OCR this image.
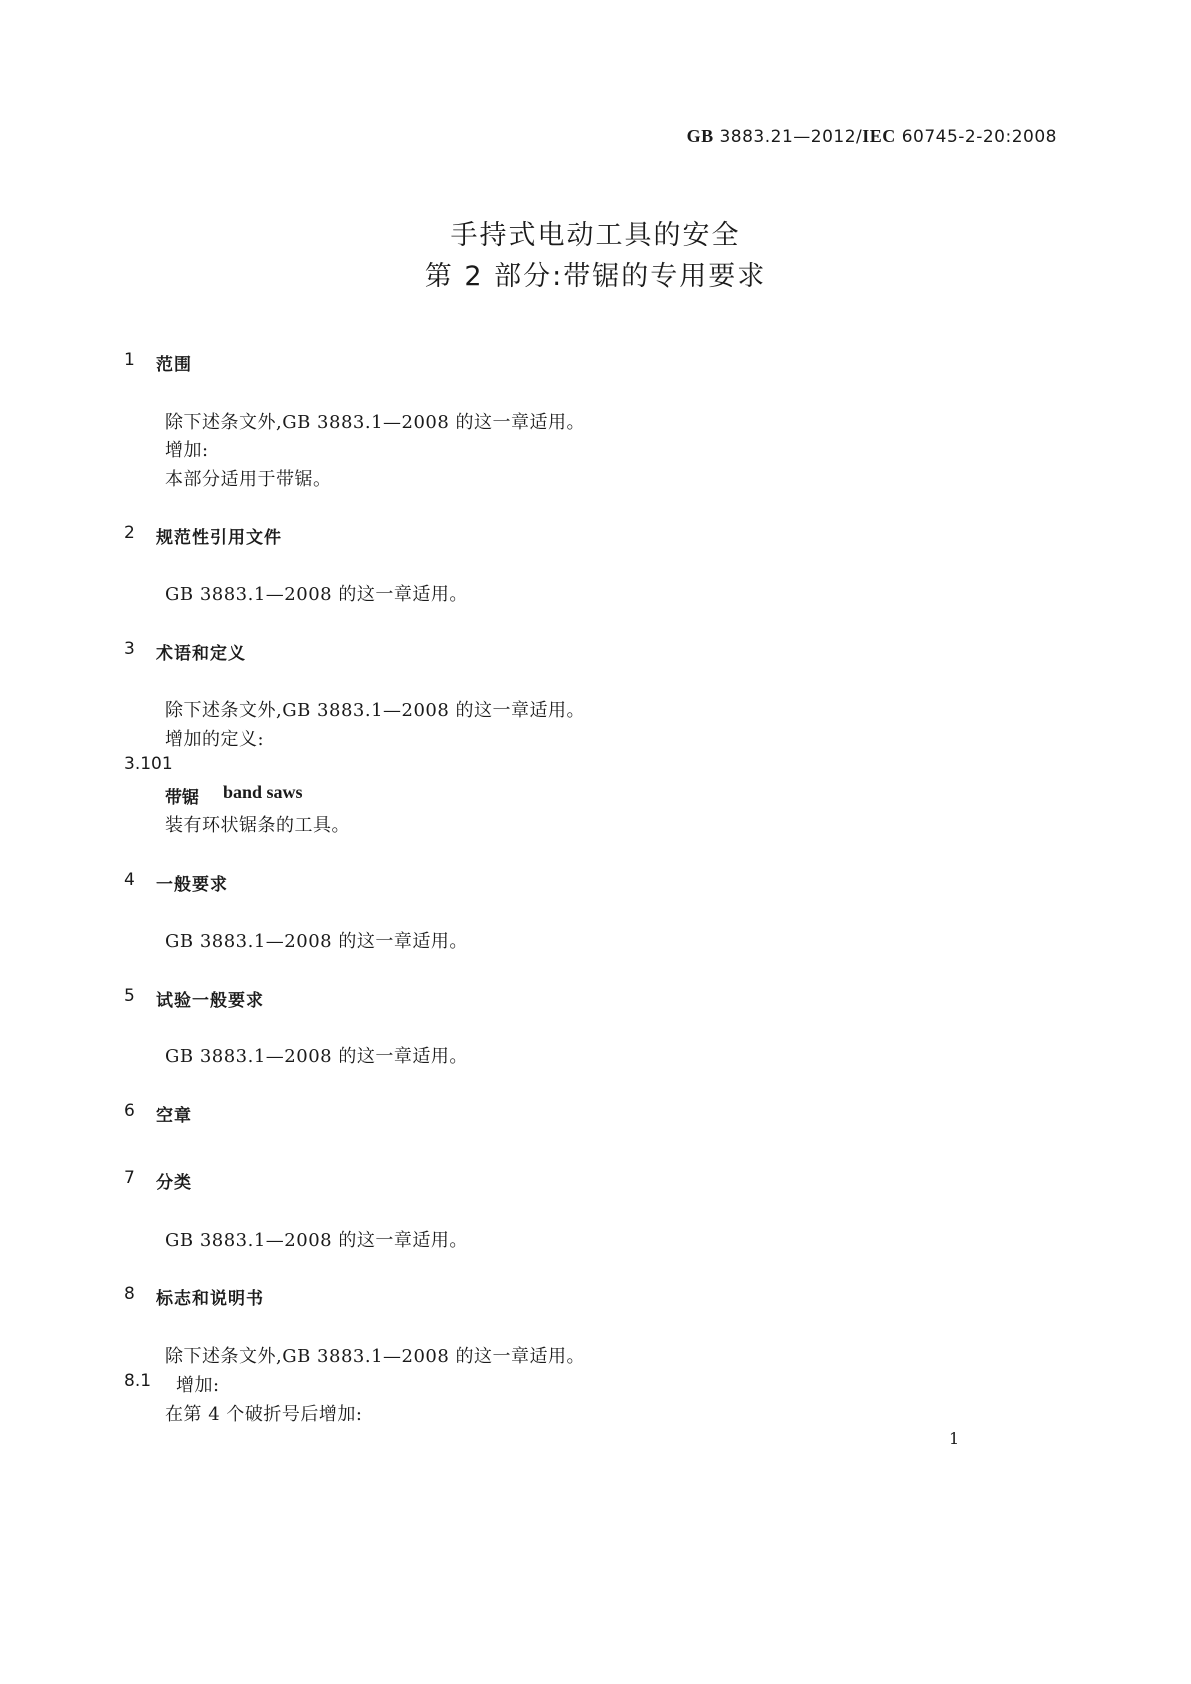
GB 3883.21—2012/IEC 60745-2-20:2008
手持式电动工具的安全
第 2 部分:带锯的专用要求
1 范围
除下述条文外,GB 3883.1—2008 的这一章适用。
增加:
本部分适用于带锯。
2 规范性引用文件
GB 3883.1—2008 的这一章适用。
3 术语和定义
除下述条文外,GB 3883.1—2008 的这一章适用。
增加的定义:
3.101
带锯 band saws
装有环状锯条的工具。
4 一般要求
GB 3883.1—2008 的这一章适用。
5 试验一般要求
GB 3883.1—2008 的这一章适用。
6 空章
7 分类
GB 3883.1—2008 的这一章适用。
8 标志和说明书
除下述条文外,GB 3883.1—2008 的这一章适用。
8.1 增加:
在第 4 个破折号后增加:
1
